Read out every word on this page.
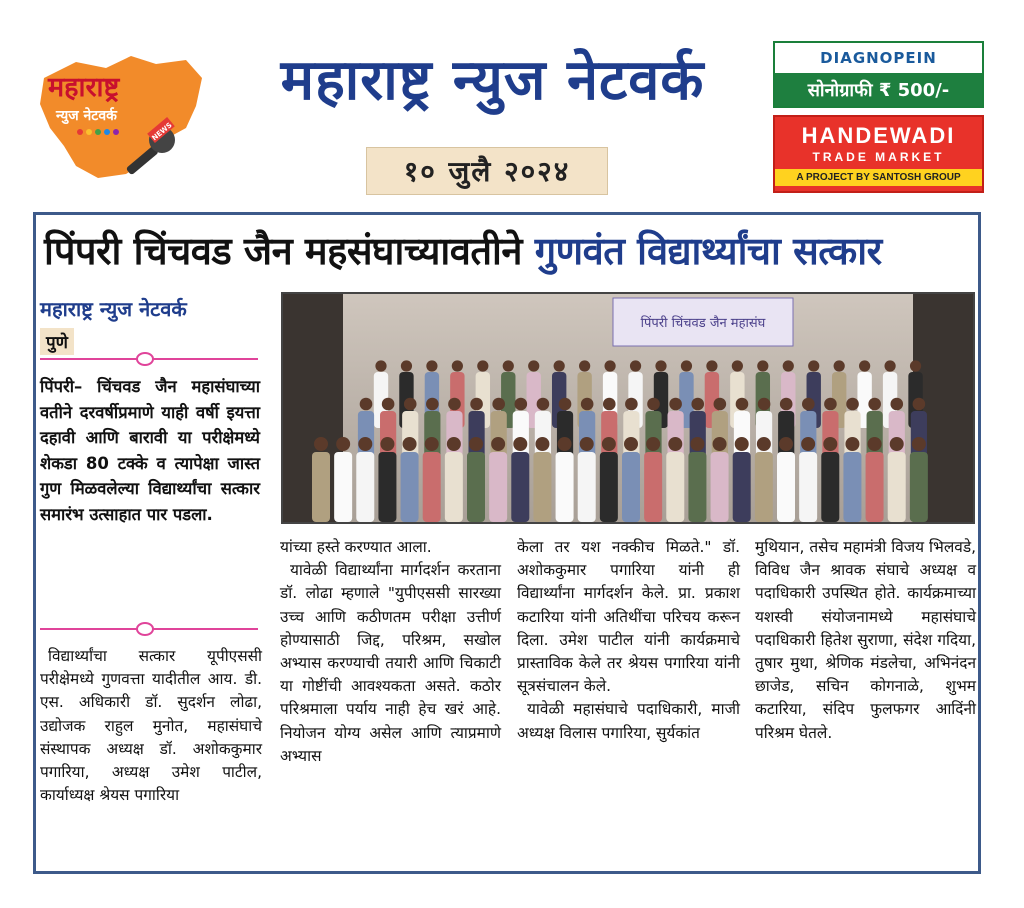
महाराष्ट्र
न्युज नेटवर्क
NEWS
महाराष्ट्र न्युज नेटवर्क
१० जुलै २०२४
DIAGNOPEIN
सोनोग्राफी ₹ 500/-
HANDEWADI
TRADE MARKET
A PROJECT BY SANTOSH GROUP
पिंपरी चिंचवड जैन महसंघाच्यावतीने गुणवंत विद्यार्थ्यांचा सत्कार
महाराष्ट्र न्युज नेटवर्क
पुणे
पिंपरी– चिंचवड जैन महासंघाच्या वतीने दरवर्षीप्रमाणे याही वर्षी इयत्ता दहावी आणि बारावी या परीक्षेमध्ये शेकडा 80 टक्के व त्यापेक्षा जास्त गुण मिळवलेल्या विद्यार्थ्यांचा सत्कार समारंभ उत्साहात पार पडला.
पिंपरी चिंचवड जैन महासंघ

विद्यार्थ्यांचा सत्कार यूपीएससी परीक्षेमध्ये गुणवत्ता यादीतील आय. डी. एस. अधिकारी डॉ. सुदर्शन लोढा, उद्योजक राहुल मुनोत, महासंघाचे संस्थापक अध्यक्ष डॉ. अशोककुमार पगारिया, अध्यक्ष उमेश पाटील, कार्याध्यक्ष श्रेयस पगारिया

यांच्या हस्ते करण्यात आला.

यावेळी विद्यार्थ्यांना मार्गदर्शन करताना डॉ. लोढा म्हणाले "युपीएससी सारख्या उच्च आणि कठीणतम परीक्षा उत्तीर्ण होण्यासाठी जिद्द, परिश्रम, सखोल अभ्यास करण्याची तयारी आणि चिकाटी या गोष्टींची आवश्यकता असते. कठोर परिश्रमाला पर्याय नाही हेच खरं आहे. नियोजन योग्य असेल आणि त्याप्रमाणे अभ्यास

केला तर यश नक्कीच मिळते." डॉ. अशोककुमार पगारिया यांनी ही विद्यार्थ्यांना मार्गदर्शन केले. प्रा. प्रकाश कटारिया यांनी अतिथींचा परिचय करून दिला. उमेश पाटील यांनी कार्यक्रमाचे प्रास्ताविक केले तर श्रेयस पगारिया यांनी सूत्रसंचालन केले.

यावेळी महासंघाचे पदाधिकारी, माजी अध्यक्ष विलास पगारिया, सुर्यकांत

मुथियान, तसेच महामंत्री विजय भिलवडे, विविध जैन श्रावक संघाचे अध्यक्ष व पदाधिकारी उपस्थित होते. कार्यक्रमाच्या यशस्वी संयोजनामध्ये महासंघाचे पदाधिकारी हितेश सुराणा, संदेश गदिया, तुषार मुथा, श्रेणिक मंडलेचा, अभिनंदन छाजेड, सचिन कोगनाळे, शुभम कटारिया, संदिप फुलफगर आदिंनी परिश्रम घेतले.
